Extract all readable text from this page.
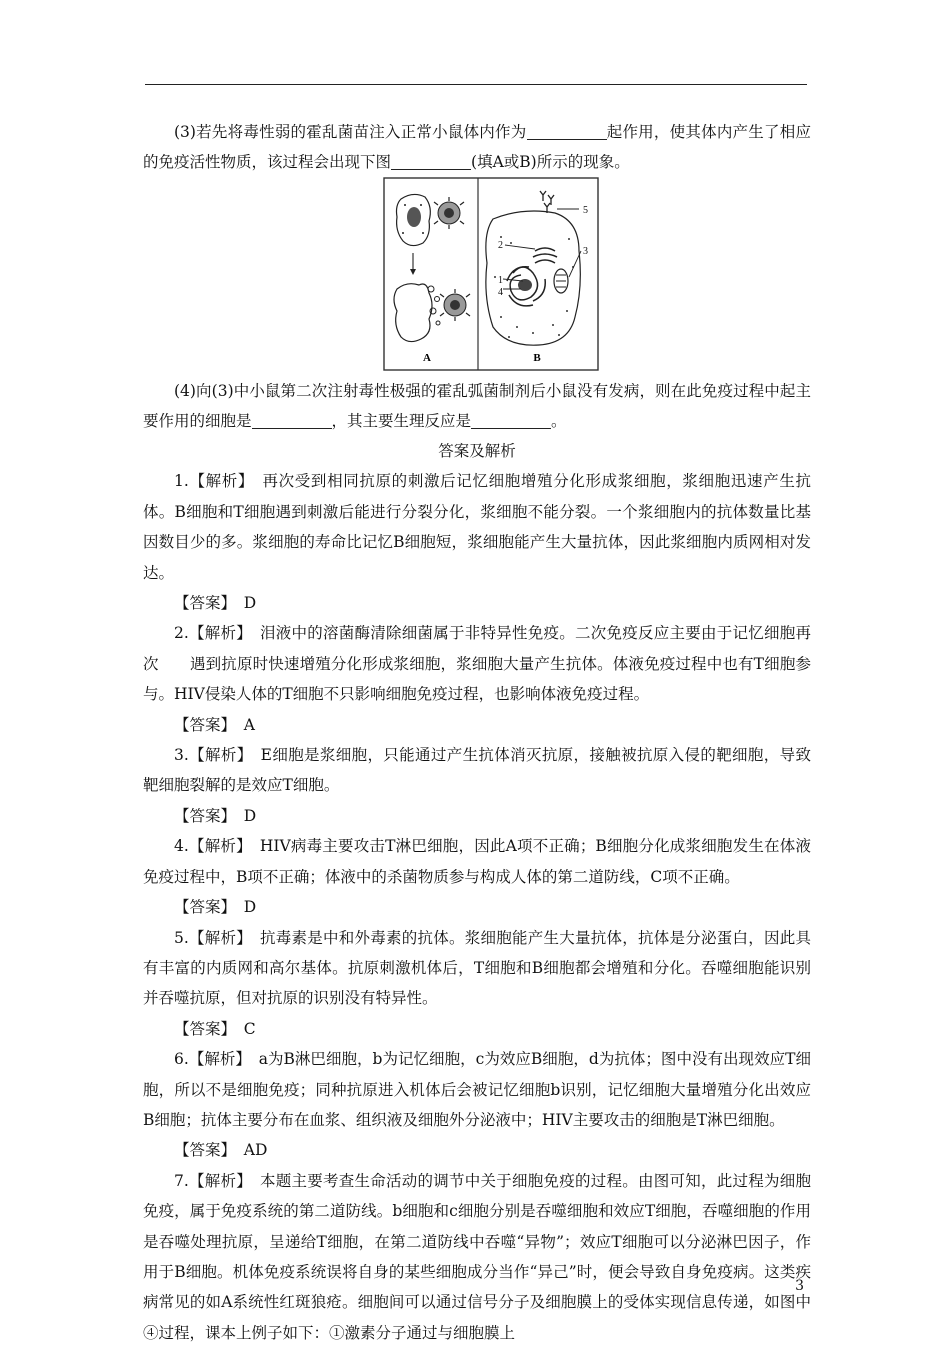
(3)若先将毒性弱的霍乱菌苗注入正常小鼠体内作为	起作用，使其体内产生了相应的免疫活性物质，该过程会出现下图	(填A或B)所示的现象。

A
1
2
3
4
5
B

(4)向(3)中小鼠第二次注射毒性极强的霍乱弧菌制剂后小鼠没有发病，则在此免疫过程中起主要作用的细胞是	，其主要生理反应是	。

答案及解析

1.【解析】　 再次受到相同抗原的刺激后记忆细胞增殖分化形成浆细胞，浆细胞迅速产生抗体。B细胞和T细胞遇到刺激后能进行分裂分化，浆细胞不能分裂。一个浆细胞内的抗体数量比基因数目少的多。浆细胞的寿命比记忆B细胞短，浆细胞能产生大量抗体，因此浆细胞内质网相对发达。

【答案】　 D

2.【解析】　 泪液中的溶菌酶清除细菌属于非特异性免疫。二次免疫反应主要由于记忆细胞再次　　遇到抗原时快速增殖分化形成浆细胞，浆细胞大量产生抗体。体液免疫过程中也有T细胞参与。HIV侵染人体的T细胞不只影响细胞免疫过程，也影响体液免疫过程。

【答案】　 A

3.【解析】　 E细胞是浆细胞，只能通过产生抗体消灭抗原，接触被抗原入侵的靶细胞，导致靶细胞裂解的是效应T细胞。

【答案】　 D

4.【解析】　 HIV病毒主要攻击T淋巴细胞，因此A项不正确；B细胞分化成浆细胞发生在体液免疫过程中，B项不正确；体液中的杀菌物质参与构成人体的第二道防线，C项不正确。

【答案】　 D

5.【解析】　 抗毒素是中和外毒素的抗体。浆细胞能产生大量抗体，抗体是分泌蛋白，因此具有丰富的内质网和高尔基体。抗原刺激机体后，T细胞和B细胞都会增殖和分化。吞噬细胞能识别并吞噬抗原，但对抗原的识别没有特异性。

【答案】　 C

6.【解析】　 a为B淋巴细胞，b为记忆细胞，c为效应B细胞，d为抗体；图中没有出现效应T细胞，所以不是细胞免疫；同种抗原进入机体后会被记忆细胞b识别，记忆细胞大量增殖分化出效应B细胞；抗体主要分布在血浆、组织液及细胞外分泌液中；HIV主要攻击的细胞是T淋巴细胞。

【答案】　 AD

7.【解析】　 本题主要考查生命活动的调节中关于细胞免疫的过程。由图可知，此过程为细胞免疫，属于免疫系统的第二道防线。b细胞和c细胞分别是吞噬细胞和效应T细胞，吞噬细胞的作用是吞噬处理抗原，呈递给T细胞，在第二道防线中吞噬“异物”；效应T细胞可以分泌淋巴因子，作用于B细胞。机体免疫系统误将自身的某些细胞成分当作“异己”时，便会导致自身免疫病。这类疾病常见的如A系统性红斑狼疮。细胞间可以通过信号分子及细胞膜上的受体实现信息传递，如图中④过程，课本上例子如下：①激素分子通过与细胞膜上

3
